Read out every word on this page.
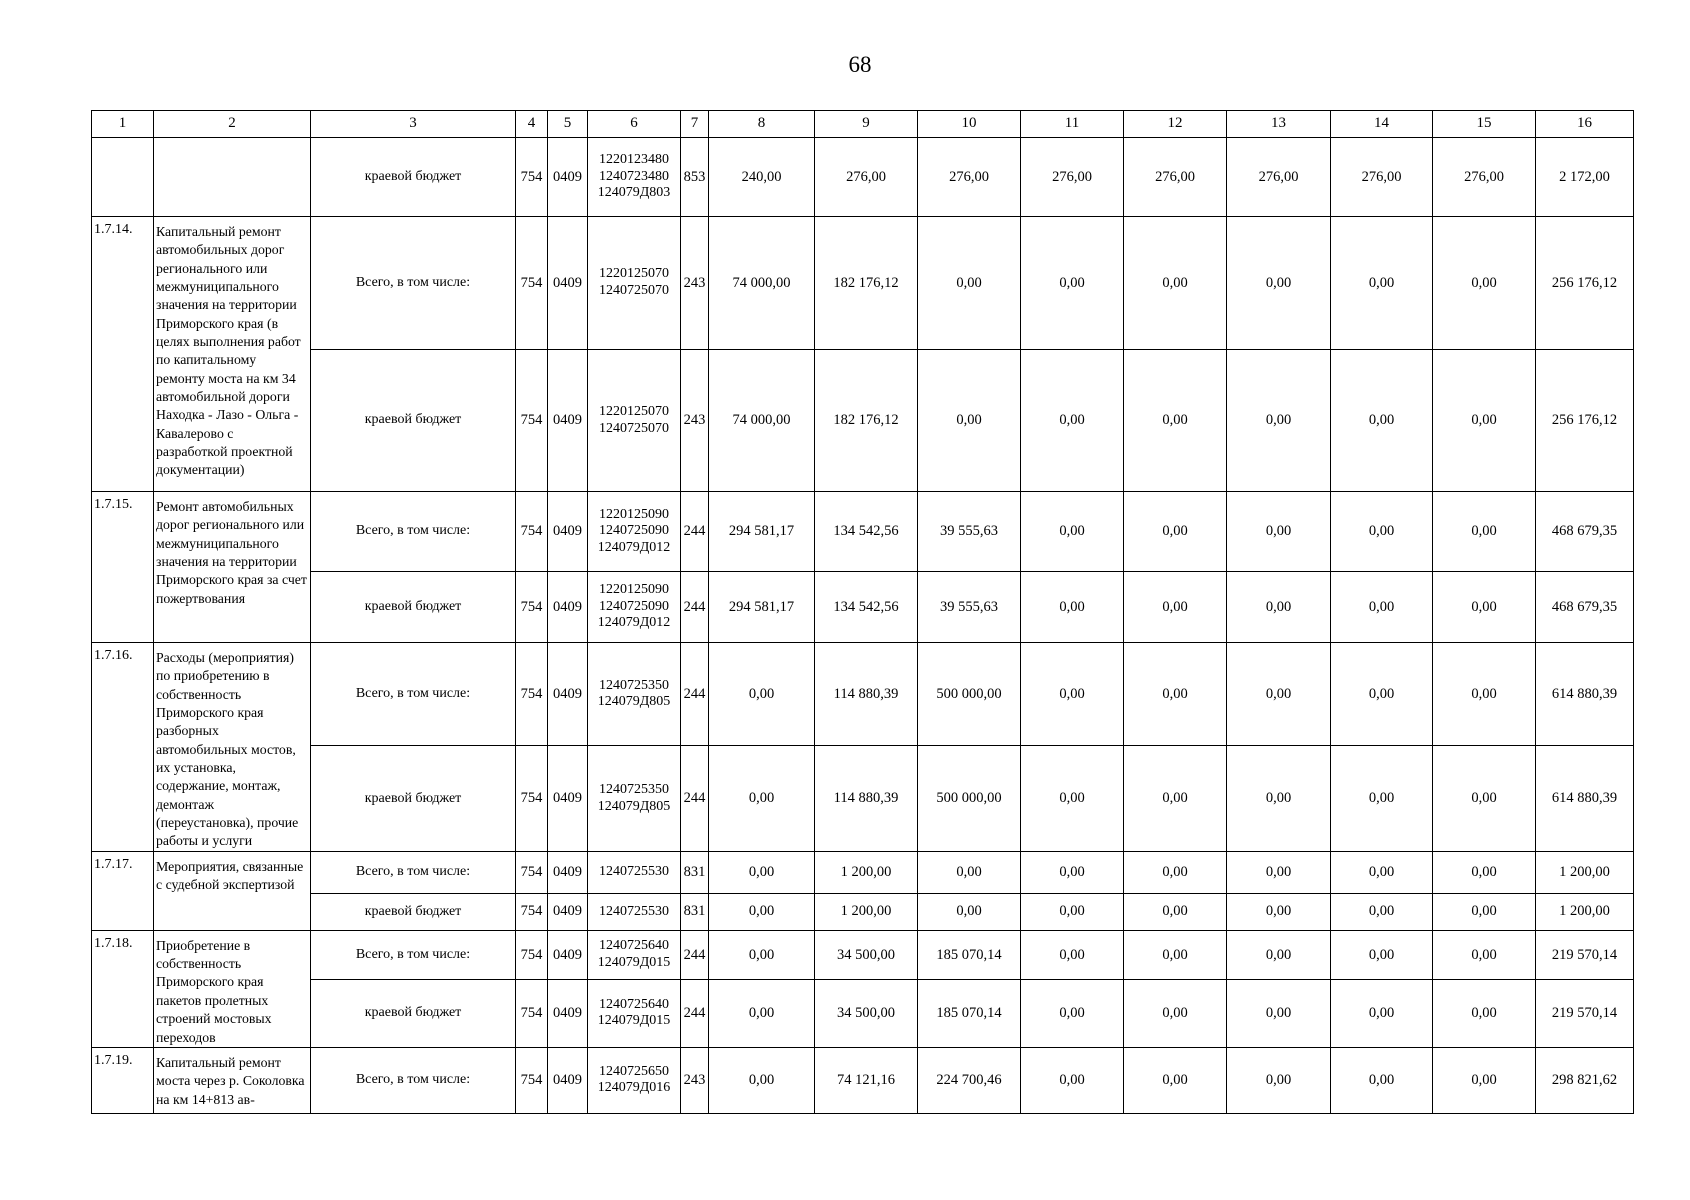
68
1	2	3	4	5	6	7	8	9	10	11	12	13	14	15	16

	краевой бюджет	754	0409	1220123480
1240723480
124079Д803	853	240,00	276,00	276,00	276,00	276,00	276,00	276,00	276,00	2 172,00
1.7.14.	Капитальный ремонт автомобильных дорог регионального или межмуниципального значения на территории Приморского края (в целях выполнения работ по капитальному ремонту моста на км 34 автомобильной дороги Находка - Лазо - Ольга - Кавалерово с разработкой проектной документации)	Всего, в том числе:	754	0409	1220125070
1240725070	243	74 000,00	182 176,12	0,00	0,00	0,00	0,00	0,00	0,00	256 176,12
		краевой бюджет	754	0409	1220125070
1240725070	243	74 000,00	182 176,12	0,00	0,00	0,00	0,00	0,00	0,00	256 176,12
1.7.15.	Ремонт автомобильных дорог регионального или межмуниципального значения на территории Приморского края за счет пожертвования	Всего, в том числе:	754	0409	1220125090
1240725090
124079Д012	244	294 581,17	134 542,56	39 555,63	0,00	0,00	0,00	0,00	0,00	468 679,35
		краевой бюджет	754	0409	1220125090
1240725090
124079Д012	244	294 581,17	134 542,56	39 555,63	0,00	0,00	0,00	0,00	0,00	468 679,35
1.7.16.	Расходы (мероприятия) по приобретению в собственность Приморского края разборных автомобильных мостов, их установка, содержание, монтаж, демонтаж (переустановка), прочие работы и услуги	Всего, в том числе:	754	0409	1240725350
124079Д805	244	0,00	114 880,39	500 000,00	0,00	0,00	0,00	0,00	0,00	614 880,39
		краевой бюджет	754	0409	1240725350
124079Д805	244	0,00	114 880,39	500 000,00	0,00	0,00	0,00	0,00	0,00	614 880,39
1.7.17.	Мероприятия, связанные с судебной экспертизой	Всего, в том числе:	754	0409	1240725530	831	0,00	1 200,00	0,00	0,00	0,00	0,00	0,00	0,00	1 200,00
		краевой бюджет	754	0409	1240725530	831	0,00	1 200,00	0,00	0,00	0,00	0,00	0,00	0,00	1 200,00
1.7.18.	Приобретение в собственность Приморского края пакетов пролетных строений мостовых переходов	Всего, в том числе:	754	0409	1240725640
124079Д015	244	0,00	34 500,00	185 070,14	0,00	0,00	0,00	0,00	0,00	219 570,14
		краевой бюджет	754	0409	1240725640
124079Д015	244	0,00	34 500,00	185 070,14	0,00	0,00	0,00	0,00	0,00	219 570,14
1.7.19.	Капитальный ремонт моста через р. Соколовка на км 14+813 ав-	Всего, в том числе:	754	0409	1240725650
124079Д016	243	0,00	74 121,16	224 700,46	0,00	0,00	0,00	0,00	0,00	298 821,62
